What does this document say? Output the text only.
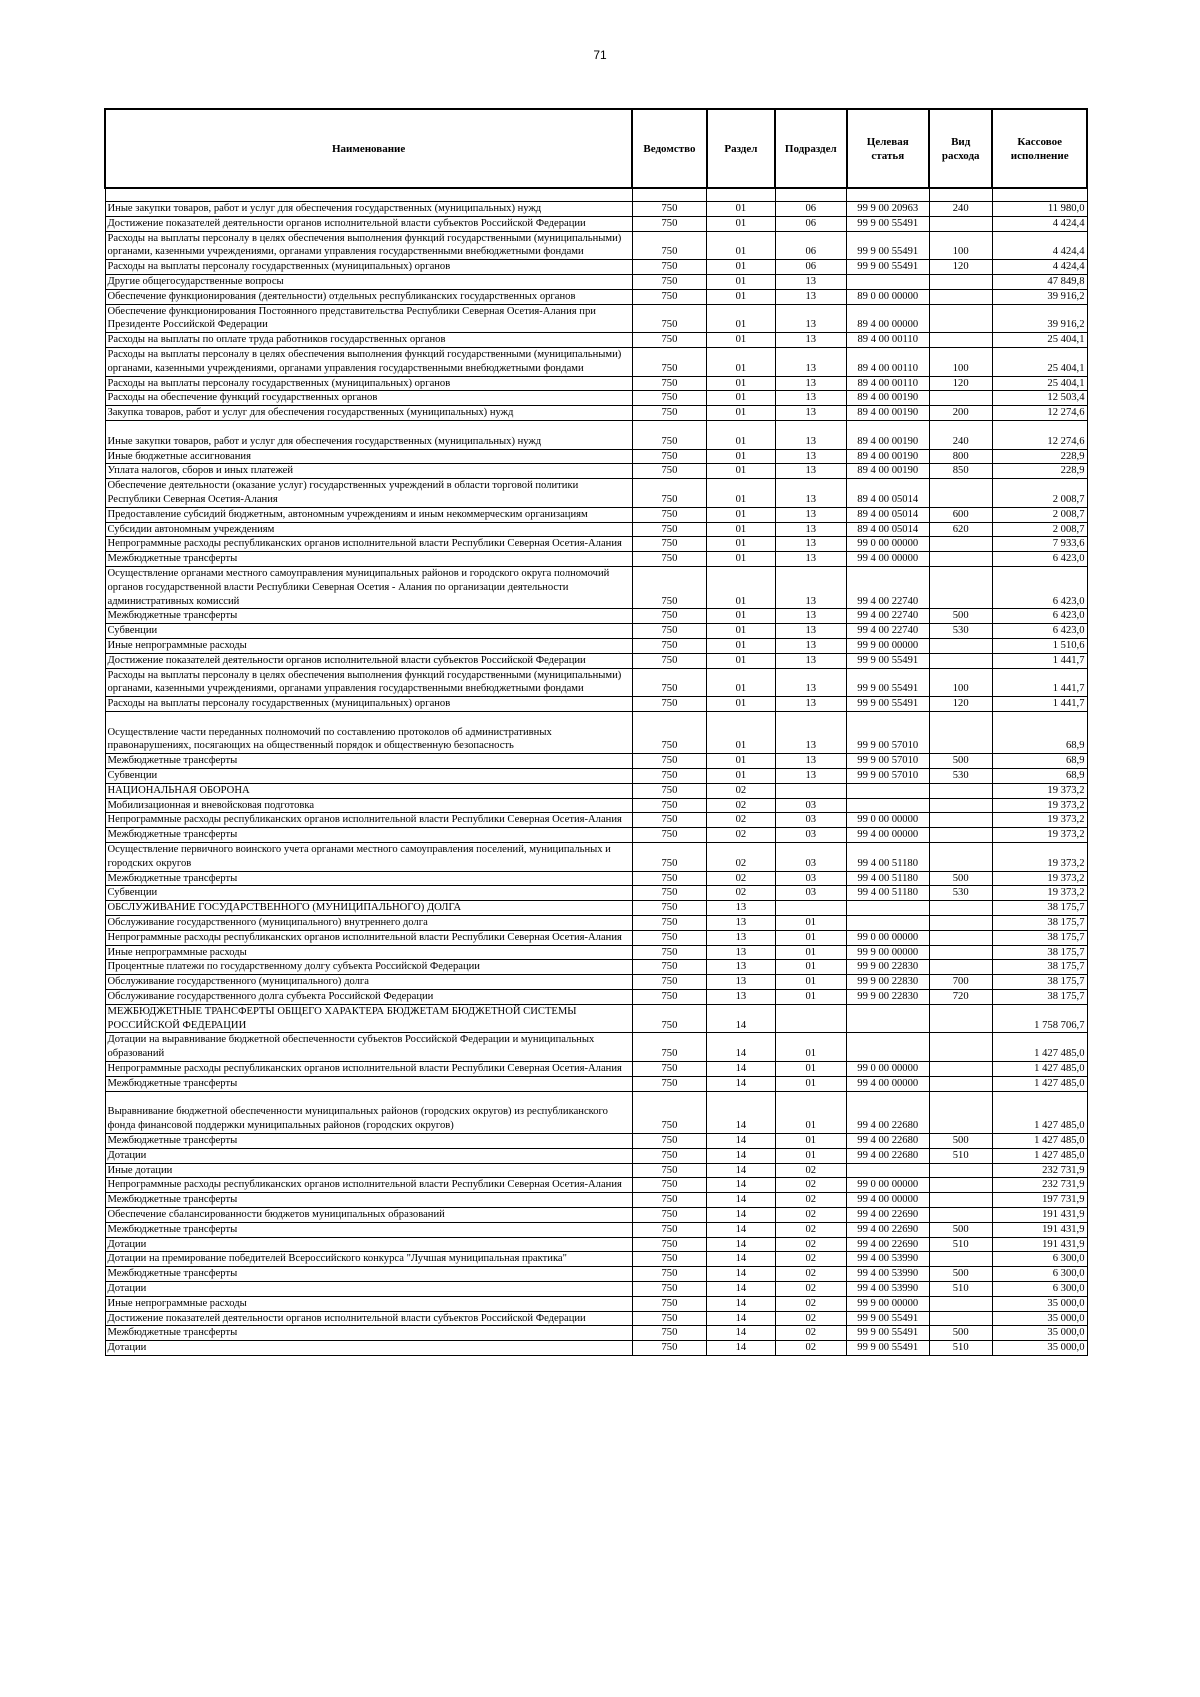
71
Наименование	Ведомство	Раздел	Подраздел	Целевая статья	Вид расхода	Кассовое исполнение

Иные закупки товаров, работ и услуг для обеспечения государственных (муниципальных) нужд	750	01	06	99 9 00 20963	240	11 980,0
Достижение показателей деятельности органов исполнительной власти субъектов Российской Федерации	750	01	06	99 9 00 55491		4 424,4
Расходы на выплаты персоналу в целях обеспечения выполнения функций государственными (муниципальными) органами, казенными учреждениями, органами управления государственными внебюджетными фондами	750	01	06	99 9 00 55491	100	4 424,4
Расходы на выплаты персоналу государственных (муниципальных) органов	750	01	06	99 9 00 55491	120	4 424,4
Другие общегосударственные вопросы	750	01	13			47 849,8
Обеспечение функционирования (деятельности) отдельных республиканских государственных органов	750	01	13	89 0 00 00000		39 916,2
Обеспечение функционирования Постоянного представительства Республики Северная Осетия-Алания при Президенте Российской Федерации	750	01	13	89 4 00 00000		39 916,2
Расходы на выплаты по оплате труда работников государственных органов	750	01	13	89 4 00 00110		25 404,1
Расходы на выплаты персоналу в целях обеспечения выполнения функций государственными (муниципальными) органами, казенными учреждениями, органами управления государственными внебюджетными фондами	750	01	13	89 4 00 00110	100	25 404,1
Расходы на выплаты персоналу государственных (муниципальных) органов	750	01	13	89 4 00 00110	120	25 404,1
Расходы на обеспечение функций государственных органов	750	01	13	89 4 00 00190		12 503,4
Закупка товаров, работ и услуг для обеспечения государственных (муниципальных) нужд	750	01	13	89 4 00 00190	200	12 274,6
Иные закупки товаров, работ и услуг для обеспечения государственных (муниципальных) нужд	750	01	13	89 4 00 00190	240	12 274,6
Иные бюджетные ассигнования	750	01	13	89 4 00 00190	800	228,9
Уплата налогов, сборов и иных платежей	750	01	13	89 4 00 00190	850	228,9
Обеспечение деятельности (оказание услуг) государственных учреждений в области торговой политики Республики Северная Осетия-Алания	750	01	13	89 4 00 05014		2 008,7
Предоставление субсидий бюджетным, автономным учреждениям и иным некоммерческим организациям	750	01	13	89 4 00 05014	600	2 008,7
Субсидии автономным учреждениям	750	01	13	89 4 00 05014	620	2 008,7
Непрограммные расходы республиканских органов исполнительной власти Республики Северная Осетия-Алания	750	01	13	99 0 00 00000		7 933,6
Межбюджетные трансферты	750	01	13	99 4 00 00000		6 423,0
Осуществление органами местного самоуправления муниципальных районов и городского округа полномочий органов государственной власти Республики Северная Осетия - Алания по организации деятельности административных комиссий	750	01	13	99 4 00 22740		6 423,0
Межбюджетные трансферты	750	01	13	99 4 00 22740	500	6 423,0
Субвенции	750	01	13	99 4 00 22740	530	6 423,0
Иные непрограммные расходы	750	01	13	99 9 00 00000		1 510,6
Достижение показателей деятельности органов исполнительной власти субъектов Российской Федерации	750	01	13	99 9 00 55491		1 441,7
Расходы на выплаты персоналу в целях обеспечения выполнения функций государственными (муниципальными) органами, казенными учреждениями, органами управления государственными внебюджетными фондами	750	01	13	99 9 00 55491	100	1 441,7
Расходы на выплаты персоналу государственных (муниципальных) органов	750	01	13	99 9 00 55491	120	1 441,7
Осуществление части переданных полномочий по составлению протоколов об административных правонарушениях, посягающих на общественный порядок и общественную безопасность	750	01	13	99 9 00 57010		68,9
Межбюджетные трансферты	750	01	13	99 9 00 57010	500	68,9
Субвенции	750	01	13	99 9 00 57010	530	68,9
НАЦИОНАЛЬНАЯ ОБОРОНА	750	02				19 373,2
Мобилизационная и вневойсковая подготовка	750	02	03			19 373,2
Непрограммные расходы республиканских органов исполнительной власти Республики Северная Осетия-Алания	750	02	03	99 0 00 00000		19 373,2
Межбюджетные трансферты	750	02	03	99 4 00 00000		19 373,2
Осуществление первичного воинского учета органами местного самоуправления поселений, муниципальных и городских округов	750	02	03	99 4 00 51180		19 373,2
Межбюджетные трансферты	750	02	03	99 4 00 51180	500	19 373,2
Субвенции	750	02	03	99 4 00 51180	530	19 373,2
ОБСЛУЖИВАНИЕ ГОСУДАРСТВЕННОГО (МУНИЦИПАЛЬНОГО) ДОЛГА	750	13				38 175,7
Обслуживание государственного (муниципального) внутреннего долга	750	13	01			38 175,7
Непрограммные расходы республиканских органов исполнительной власти Республики Северная Осетия-Алания	750	13	01	99 0 00 00000		38 175,7
Иные непрограммные расходы	750	13	01	99 9 00 00000		38 175,7
Процентные платежи по государственному долгу субъекта Российской Федерации	750	13	01	99 9 00 22830		38 175,7
Обслуживание государственного (муниципального) долга	750	13	01	99 9 00 22830	700	38 175,7
Обслуживание государственного долга субъекта Российской Федерации	750	13	01	99 9 00 22830	720	38 175,7
МЕЖБЮДЖЕТНЫЕ ТРАНСФЕРТЫ ОБЩЕГО ХАРАКТЕРА БЮДЖЕТАМ БЮДЖЕТНОЙ СИСТЕМЫ РОССИЙСКОЙ ФЕДЕРАЦИИ	750	14				1 758 706,7
Дотации на выравнивание бюджетной обеспеченности субъектов Российской Федерации и муниципальных образований	750	14	01			1 427 485,0
Непрограммные расходы республиканских органов исполнительной власти Республики Северная Осетия-Алания	750	14	01	99 0 00 00000		1 427 485,0
Межбюджетные трансферты	750	14	01	99 4 00 00000		1 427 485,0
Выравнивание бюджетной обеспеченности муниципальных районов (городских округов) из республиканского фонда финансовой поддержки муниципальных районов (городских округов)	750	14	01	99 4 00 22680		1 427 485,0
Межбюджетные трансферты	750	14	01	99 4 00 22680	500	1 427 485,0
Дотации	750	14	01	99 4 00 22680	510	1 427 485,0
Иные дотации	750	14	02			232 731,9
Непрограммные расходы республиканских органов исполнительной власти Республики Северная Осетия-Алания	750	14	02	99 0 00 00000		232 731,9
Межбюджетные трансферты	750	14	02	99 4 00 00000		197 731,9
Обеспечение сбалансированности бюджетов муниципальных образований	750	14	02	99 4 00 22690		191 431,9
Межбюджетные трансферты	750	14	02	99 4 00 22690	500	191 431,9
Дотации	750	14	02	99 4 00 22690	510	191 431,9
Дотации на премирование победителей Всероссийского конкурса "Лучшая муниципальная практика"	750	14	02	99 4 00 53990		6 300,0
Межбюджетные трансферты	750	14	02	99 4 00 53990	500	6 300,0
Дотации	750	14	02	99 4 00 53990	510	6 300,0
Иные непрограммные расходы	750	14	02	99 9 00 00000		35 000,0
Достижение показателей деятельности органов исполнительной власти субъектов Российской Федерации	750	14	02	99 9 00 55491		35 000,0
Межбюджетные трансферты	750	14	02	99 9 00 55491	500	35 000,0
Дотации	750	14	02	99 9 00 55491	510	35 000,0
